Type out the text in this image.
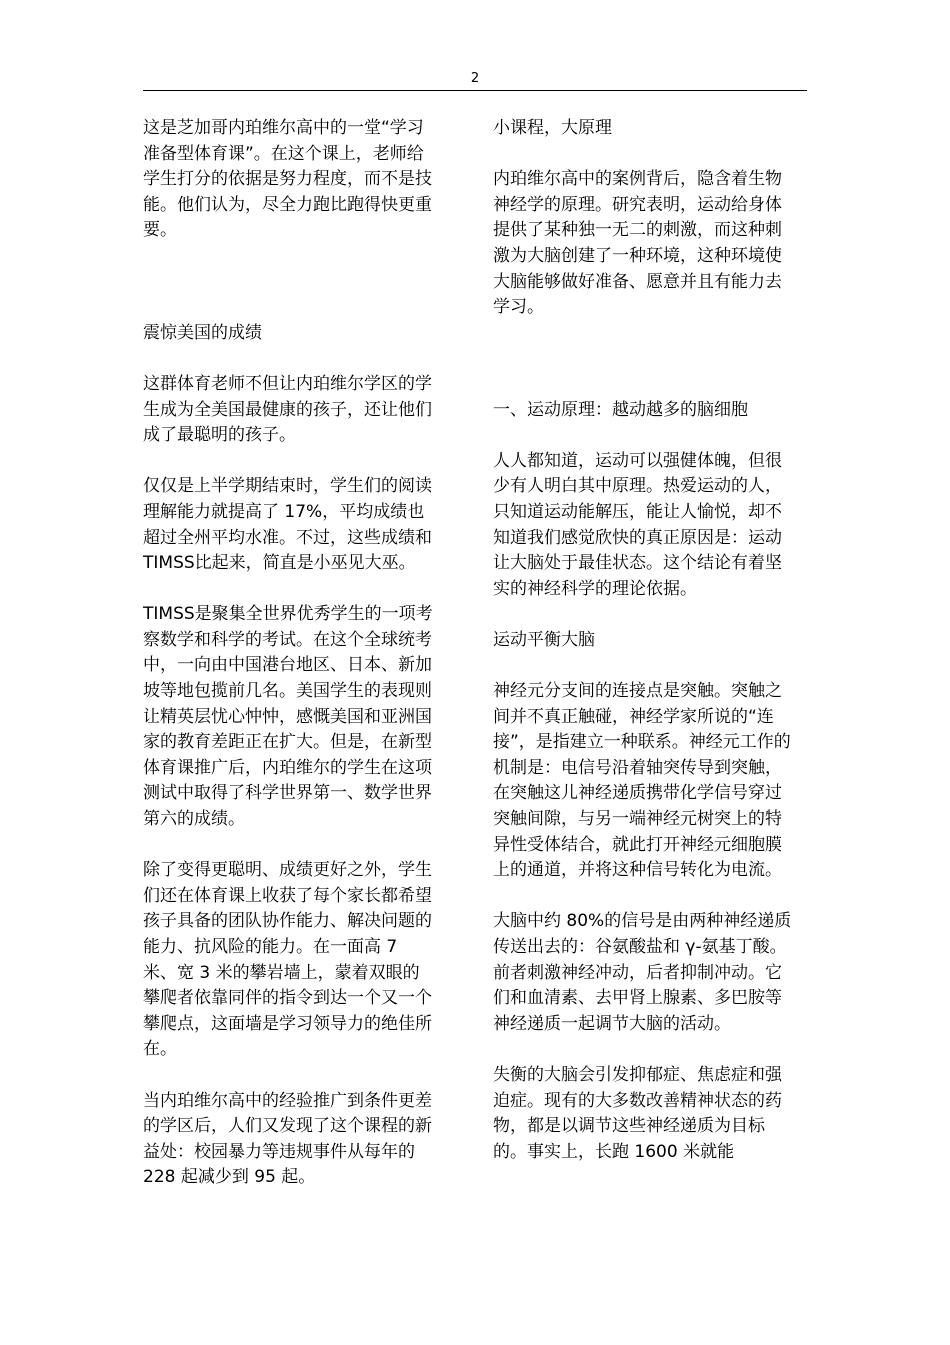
2

这是芝加哥内珀维尔高中的一堂“学习准备型体育课”。在这个课上，老师给学生打分的依据是努力程度，而不是技能。他们认为，尽全力跑比跑得快更重要。

震惊美国的成绩

这群体育老师不但让内珀维尔学区的学生成为全美国最健康的孩子，还让他们成了最聪明的孩子。

仅仅是上半学期结束时，学生们的阅读理解能力就提高了 17%，平均成绩也超过全州平均水准。不过，这些成绩和 TIMSS比起来，简直是小巫见大巫。

TIMSS是聚集全世界优秀学生的一项考察数学和科学的考试。在这个全球统考中，一向由中国港台地区、日本、新加坡等地包揽前几名。美国学生的表现则让精英层忧心忡忡，感慨美国和亚洲国家的教育差距正在扩大。但是，在新型体育课推广后，内珀维尔的学生在这项测试中取得了科学世界第一、数学世界第六的成绩。

除了变得更聪明、成绩更好之外，学生们还在体育课上收获了每个家长都希望孩子具备的团队协作能力、解决问题的能力、抗风险的能力。在一面高 7 米、宽 3 米的攀岩墙上，蒙着双眼的攀爬者依靠同伴的指令到达一个又一个攀爬点，这面墙是学习领导力的绝佳所在。

当内珀维尔高中的经验推广到条件更差的学区后，人们又发现了这个课程的新益处：校园暴力等违规事件从每年的 228 起减少到 95 起。

小课程，大原理

内珀维尔高中的案例背后，隐含着生物神经学的原理。研究表明，运动给身体提供了某种独一无二的刺激，而这种刺激为大脑创建了一种环境，这种环境使大脑能够做好准备、愿意并且有能力去学习。

一、运动原理：越动越多的脑细胞

人人都知道，运动可以强健体魄，但很少有人明白其中原理。热爱运动的人，只知道运动能解压，能让人愉悦，却不知道我们感觉欣快的真正原因是：运动让大脑处于最佳状态。这个结论有着坚实的神经科学的理论依据。

运动平衡大脑

神经元分支间的连接点是突触。突触之间并不真正触碰，神经学家所说的“连接”，是指建立一种联系。神经元工作的机制是：电信号沿着轴突传导到突触，在突触这儿神经递质携带化学信号穿过突触间隙，与另一端神经元树突上的特异性受体结合，就此打开神经元细胞膜上的通道，并将这种信号转化为电流。

大脑中约 80%的信号是由两种神经递质传送出去的：谷氨酸盐和 γ-氨基丁酸。前者刺激神经冲动，后者抑制冲动。它们和血清素、去甲肾上腺素、多巴胺等神经递质一起调节大脑的活动。

失衡的大脑会引发抑郁症、焦虑症和强迫症。现有的大多数改善精神状态的药物，都是以调节这些神经递质为目标的。事实上，长跑 1600 米就能
